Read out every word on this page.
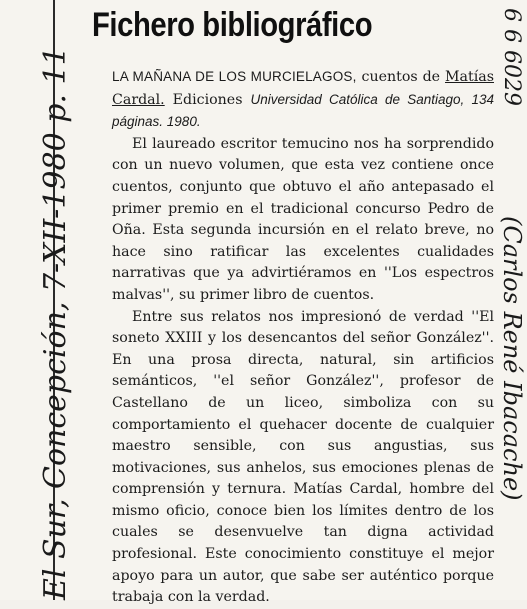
Fichero bibliográfico

LA MAÑANA DE LOS MURCIELAGOS, cuentos de Matías Cardal. Ediciones Universidad Católica de Santiago, 134 páginas. 1980.

El laureado escritor temucino nos ha sorprendido con un nuevo volumen, que esta vez contiene once cuentos, conjunto que obtuvo el año antepasado el primer premio en el tradicional concurso Pedro de Oña. Esta segunda incursión en el relato breve, no hace sino ratificar las excelentes cualidades narrativas que ya advirtiéramos en ''Los espectros malvas'', su primer libro de cuentos.

Entre sus relatos nos impresionó de verdad ''El soneto XXIII y los desencantos del señor González''. En una prosa directa, natural, sin artificios semánticos, ''el señor González'', profesor de Castellano de un liceo, simboliza con su comportamiento el quehacer docente de cualquier maestro sensible, con sus angustias, sus motivaciones, sus anhelos, sus emociones plenas de comprensión y ternura. Matías Cardal, hombre del mismo oficio, conoce bien los límites dentro de los cuales se desenvuelve tan digna actividad profesional. Este conocimiento constituye el mejor apoyo para un autor, que sabe ser auténtico porque trabaja con la verdad.

El Sur, Concepción, 7-XII-1980 p. 11	6 6 6029
(Carlos René Ibacache)
